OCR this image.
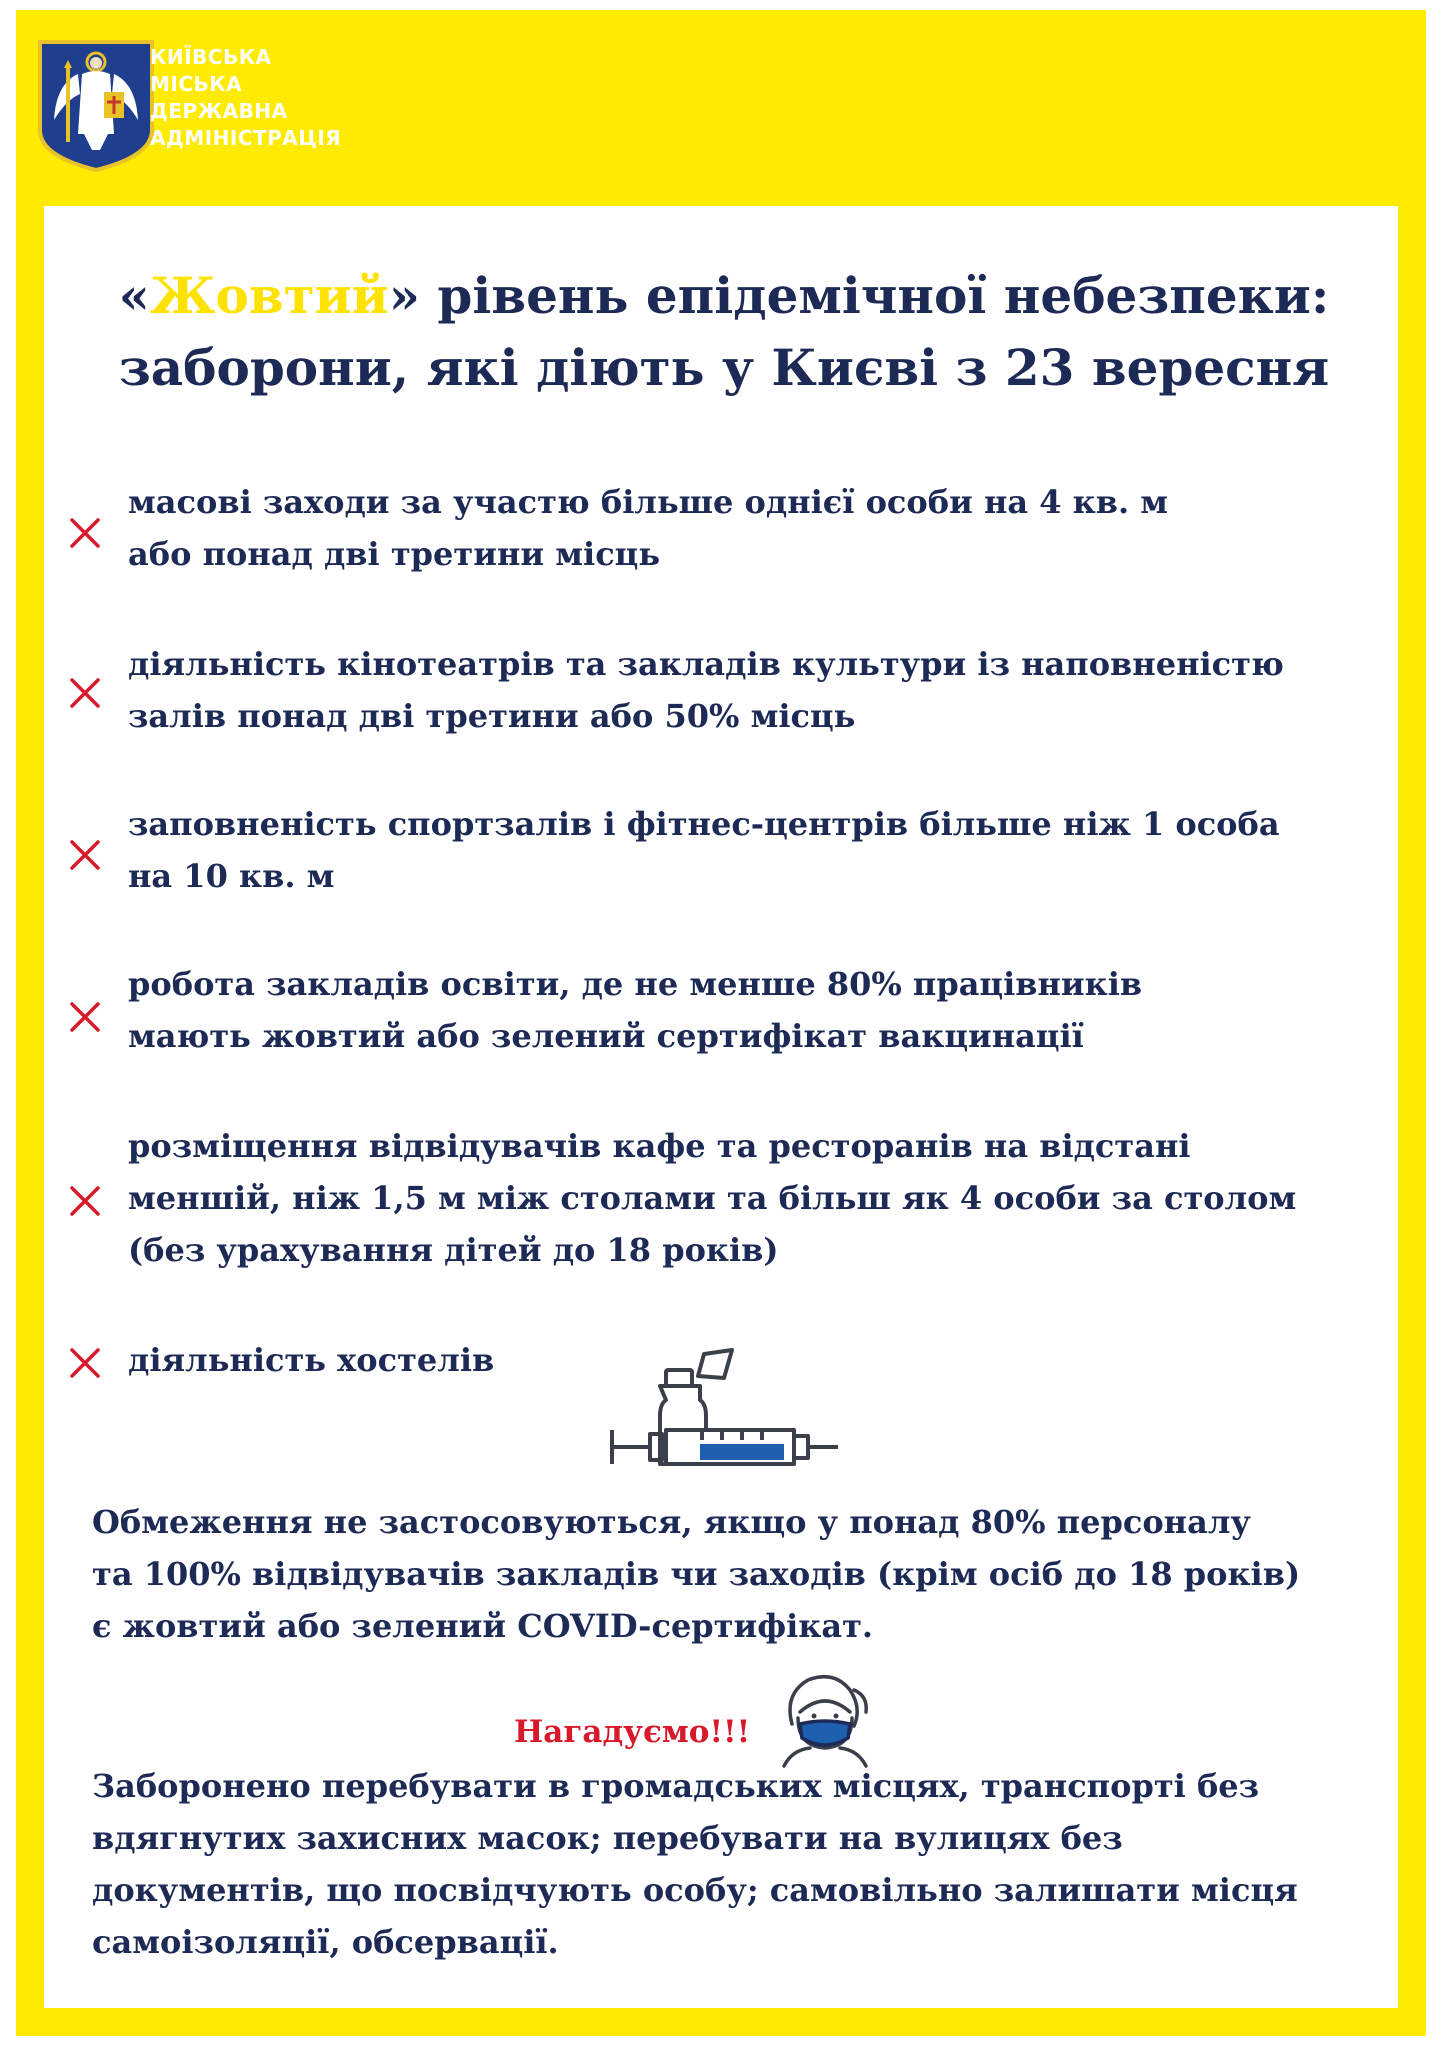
КИЇВСЬКА
МІСЬКА
ДЕРЖАВНА
АДМІНІСТРАЦІЯ
«Жовтий» рівень епідемічної небезпеки:
заборони, які діють у Києві з 23 вересня
масові заходи за участю більше однієї особи на 4 кв. м
або понад дві третини місць
діяльність кінотеатрів та закладів культури із наповненістю
залів понад дві третини або 50% місць
заповненість спортзалів і фітнес-центрів більше ніж 1 особа
на 10 кв. м
робота закладів освіти, де не менше 80% працівників
мають жовтий або зелений сертифікат вакцинації
розміщення відвідувачів кафе та ресторанів на відстані
меншій, ніж 1,5 м між столами та більш як 4 особи за столом
(без урахування дітей до 18 років)
діяльність хостелів
Обмеження не застосовуються, якщо у понад 80% персоналу
та 100% відвідувачів закладів чи заходів (крім осіб до 18 років)
є жовтий або зелений COVID-сертифікат.
Нагадуємо!!!
Заборонено перебувати в громадських місцях, транспорті без
вдягнутих захисних масок; перебувати на вулицях без
документів, що посвідчують особу; самовільно залишати місця
самоізоляції, обсервації.
